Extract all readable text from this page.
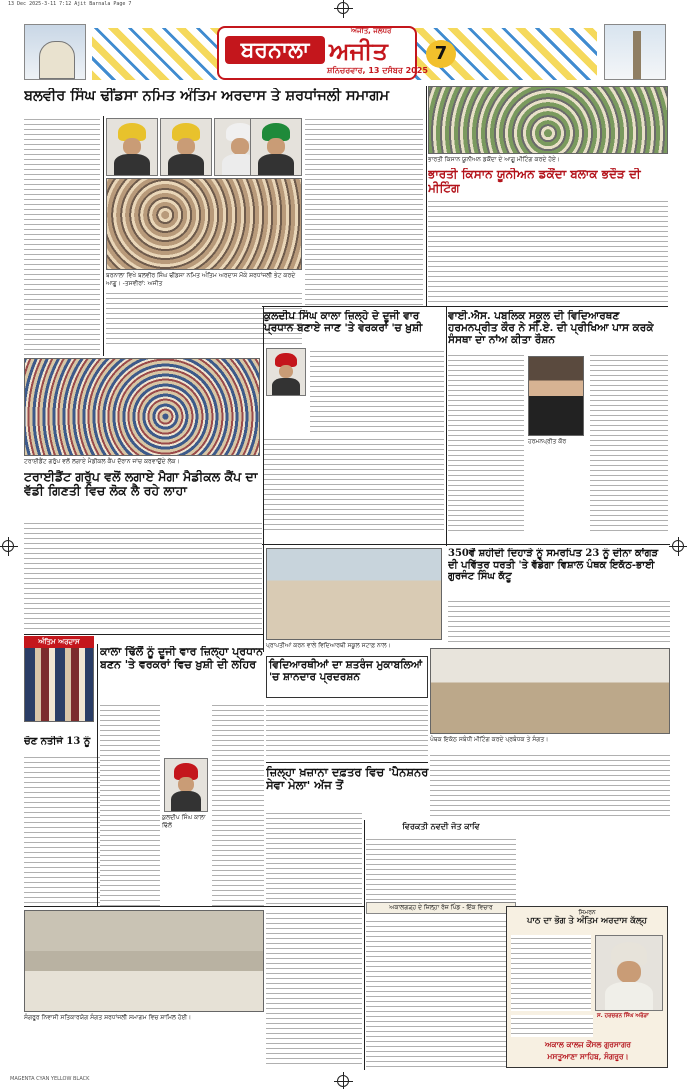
13 Dec 2025-3-11 7:12 Ajit Barnala Page 7
ਬਰਨਾਲਾ
ਅਜੀਤ, ਜਲੰਧਰ
ਅਜੀਤ
ਸ਼ਨਿਚਰਵਾਰ, 13 ਦਸੰਬਰ 2025
7
ਬਲਵੀਰ ਸਿੰਘ ਢੀਂਡਸਾ ਨਮਿਤ ਅੰਤਿਮ ਅਰਦਾਸ ਤੇ ਸ਼ਰਧਾਂਜਲੀ ਸਮਾਗਮ
ਬਰਨਾਲਾ ਵਿਖੇ ਬਲਵੀਰ ਸਿੰਘ ਢੀਂਡਸਾ ਨਮਿਤ ਅੰਤਿਮ ਅਰਦਾਸ ਮੌਕੇ ਸ਼ਰਧਾਂਜਲੀ ਭੇਟ ਕਰਦੇ ਆਗੂ। -ਤਸਵੀਰਾਂ: ਅਜੀਤ
ਟਰਾਈਡੈਂਟ ਗਰੁੱਪ ਵਲੋਂ ਲਗਾਏ ਮੈਡੀਕਲ ਕੈਂਪ ਦੌਰਾਨ ਜਾਂਚ ਕਰਵਾਉਂਦੇ ਲੋਕ।
ਭਾਰਤੀ ਕਿਸਾਨ ਯੂਨੀਅਨ ਡਕੌਂਦਾ ਦੇ ਆਗੂ ਮੀਟਿੰਗ ਕਰਦੇ ਹੋਏ।
ਭਾਰਤੀ ਕਿਸਾਨ ਯੂਨੀਅਨ ਡਕੌਂਦਾ ਬਲਾਕ ਭਦੌੜ ਦੀ ਮੀਟਿੰਗ
ਕੁਲਦੀਪ ਸਿੰਘ ਕਾਲਾ ਜ਼ਿਲ੍ਹੇ ਦੇ ਦੂਜੀ ਵਾਰ ਪ੍ਰਧਾਨ ਬਣਾਏ ਜਾਣ 'ਤੇ ਵਰਕਰਾਂ 'ਚ ਖ਼ੁਸ਼ੀ
ਵਾਈ.ਐਸ. ਪਬਲਿਕ ਸਕੂਲ ਦੀ ਵਿਦਿਆਰਥਣ ਹਰਮਨਪ੍ਰੀਤ ਕੌਰ ਨੇ ਸੀ.ਏ. ਦੀ ਪ੍ਰੀਖਿਆ ਪਾਸ ਕਰਕੇ ਸੰਸਥਾ ਦਾ ਨਾਂਅ ਕੀਤਾ ਰੌਸ਼ਨ
ਹਰਮਨਪ੍ਰੀਤ ਕੌਰ
ਟਰਾਈਡੈਂਟ ਗਰੁੱਪ ਵਲੋਂ ਲਗਾਏ ਮੈਗਾ ਮੈਡੀਕਲ ਕੈਂਪ ਦਾ ਵੱਡੀ ਗਿਣਤੀ ਵਿਚ ਲੋਕ ਲੈ ਰਹੇ ਲਾਹਾ
ਪ੍ਰਾਪਤੀਆਂ ਕਰਨ ਵਾਲੇ ਵਿਦਿਆਰਥੀ ਸਕੂਲ ਸਟਾਫ਼ ਨਾਲ।
350ਵੇਂ ਸ਼ਹੀਦੀ ਦਿਹਾੜੇ ਨੂੰ ਸਮਰਪਿਤ 23 ਨੂੰ ਦੀਨਾ ਕਾਂਗੜ ਦੀ ਪਵਿੱਤਰ ਧਰਤੀ 'ਤੇ ਵੱਡੇਗਾ ਵਿਸ਼ਾਲ ਪੰਥਕ ਇਕੱਠ-ਭਾਈ ਗੁਰਜੰਟ ਸਿੰਘ ਕੱਟੂ
ਪੰਥਕ ਇਕੱਠ ਸਬੰਧੀ ਮੀਟਿੰਗ ਕਰਦੇ ਪ੍ਰਬੰਧਕ ਤੇ ਸੰਗਤ।
ਅੰਤਿਮ ਅਰਦਾਸ
ਚੋਣ ਨਤੀਜੇ 13 ਨੂੰ
ਕਾਲਾ ਢਿੱਲੋਂ ਨੂੰ ਦੂਜੀ ਵਾਰ ਜ਼ਿਲ੍ਹਾ ਪ੍ਰਧਾਨ ਬਣਨ 'ਤੇ ਵਰਕਰਾਂ ਵਿਚ ਖ਼ੁਸ਼ੀ ਦੀ ਲਹਿਰ
ਕੁਲਦੀਪ ਸਿੰਘ ਕਾਲਾ ਢਿੱਲੋਂ
ਵਿਦਿਆਰਥੀਆਂ ਦਾ ਸ਼ਤਰੰਜ ਮੁਕਾਬਲਿਆਂ 'ਚ ਸ਼ਾਨਦਾਰ ਪ੍ਰਦਰਸ਼ਨ
ਜ਼ਿਲ੍ਹਾ ਖ਼ਜ਼ਾਨਾ ਦਫ਼ਤਰ ਵਿਚ 'ਪੈਨਸ਼ਨਰ ਸੇਵਾ ਮੇਲਾ' ਅੱਜ ਤੋਂ
ਵਿਰਕਤੀ ਨਵਦੀ ਜੋਤ ਕਾਵਿ
ਅਕਾਲਗੜ੍ਹ ਦੇ ਜ਼ਿਲ੍ਹਾ ਰੋਜ਼ ਪਿੰਡ - ਇੱਕ ਵਿਚਾਰ
ਸੰਗਰੂਰ ਨਿਵਾਸੀ ਸਤਿਕਾਰਯੋਗ ਸੰਗਤ ਸ਼ਰਧਾਂਜਲੀ ਸਮਾਗਮ ਵਿਚ ਸ਼ਾਮਿਲ ਹੋਈ।
ਸਿਮਰਨ
ਪਾਠ ਦਾ ਭੋਗ ਤੇ ਅੰਤਿਮ ਅਰਦਾਸ ਕੱਲ੍ਹ
ਸ. ਹਰਚਰਨ ਸਿੰਘ ਅਰੋੜਾ
ਅਕਾਲ ਕਾਲਜ ਕੌਂਸਲ ਗੁਰਸਾਗਰ
ਮਸਤੂਆਣਾ ਸਾਹਿਬ, ਸੰਗਰੂਰ।
MAGENTA CYAN YELLOW BLACK
